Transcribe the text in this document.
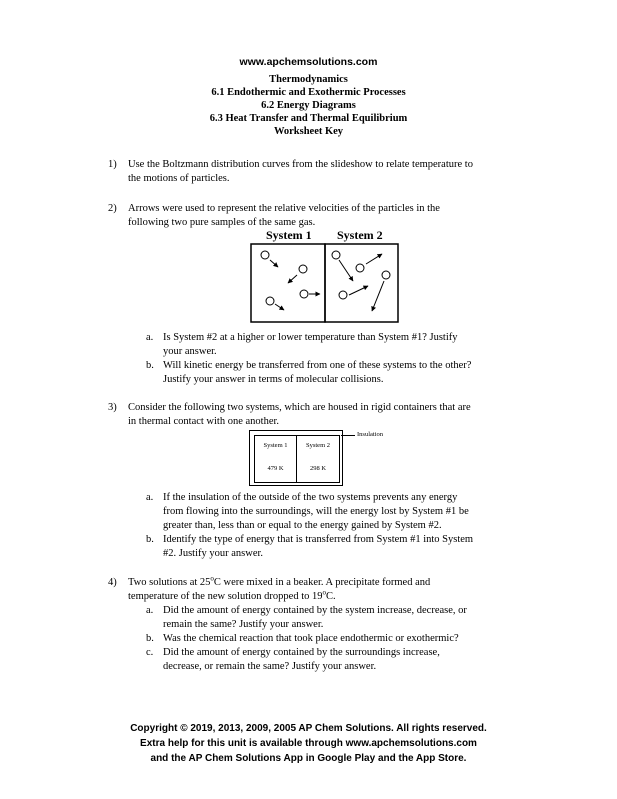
www.apchemsolutions.com
Thermodynamics
6.1 Endothermic and Exothermic Processes
6.2 Energy Diagrams
6.3 Heat Transfer and Thermal Equilibrium
Worksheet Key
1) Use the Boltzmann distribution curves from the slideshow to relate temperature to
the motions of particles.
2) Arrows were used to represent the relative velocities of the particles in the
following two pure samples of the same gas.
System 1 System 2
a. Is System #2 at a higher or lower temperature than System #1? Justify
your answer.
b. Will kinetic energy be transferred from one of these systems to the other?
Justify your answer in terms of molecular collisions.
3) Consider the following two systems, which are housed in rigid containers that are
in thermal contact with one another.
System 1
479 K
System 2
298 K
Insulation
a. If the insulation of the outside of the two systems prevents any energy
from flowing into the surroundings, will the energy lost by System #1 be
greater than, less than or equal to the energy gained by System #2.
b. Identify the type of energy that is transferred from System #1 into System
#2. Justify your answer.
4) Two solutions at 25$^o$C were mixed in a beaker. A precipitate formed and
temperature of the new solution dropped to 19$^o$C.
a. Did the amount of energy contained by the system increase, decrease, or
remain the same? Justify your answer.
b. Was the chemical reaction that took place endothermic or exothermic?
c. Did the amount of energy contained by the surroundings increase,
decrease, or remain the same? Justify your answer.
Copyright © 2019, 2013, 2009, 2005 AP Chem Solutions. All rights reserved.
Extra help for this unit is available through www.apchemsolutions.com
and the AP Chem Solutions App in Google Play and the App Store.
